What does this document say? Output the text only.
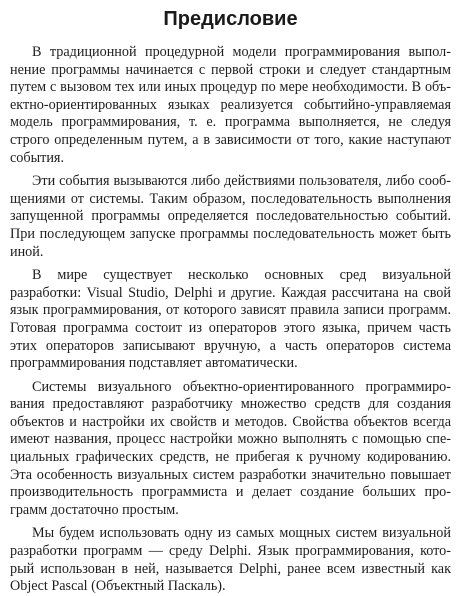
Предисловие

В традиционной процедурной модели программирования выполнение программы начинается с первой строки и следует стандартным путем с вызовом тех или иных процедур по мере необходимости. В объектно-ориентированных языках реализуется событийно-управляемая модель программирования, т. е. программа выполняется, не следуя строго определенным путем, а в зависимости от того, какие наступают события.

Эти события вызываются либо действиями пользователя, либо сообщениями от системы. Таким образом, последовательность выполнения запущенной программы определяется последовательностью событий. При последующем запуске программы последовательность может быть иной.

В мире существует несколько основных сред визуальной разработки: Visual Studio, Delphi и другие. Каждая рассчитана на свой язык программирования, от которого зависят правила записи программ. Готовая программа состоит из операторов этого языка, причем часть этих операторов записывают вручную, а часть операторов система программирования подставляет автоматически.

Системы визуального объектно-ориентированного программирования предоставляют разработчику множество средств для создания объектов и настройки их свойств и методов. Свойства объектов всегда имеют названия, процесс настройки можно выполнять с помощью специальных графических средств, не прибегая к ручному кодированию. Эта особенность визуальных систем разработки значительно повышает производительность программиста и делает создание больших программ достаточно простым.

Мы будем использовать одну из самых мощных систем визуальной разработки программ — среду Delphi. Язык программирования, который использован в ней, называется Delphi, ранее всем известный как Object Pascal (Объектный Паскаль).
